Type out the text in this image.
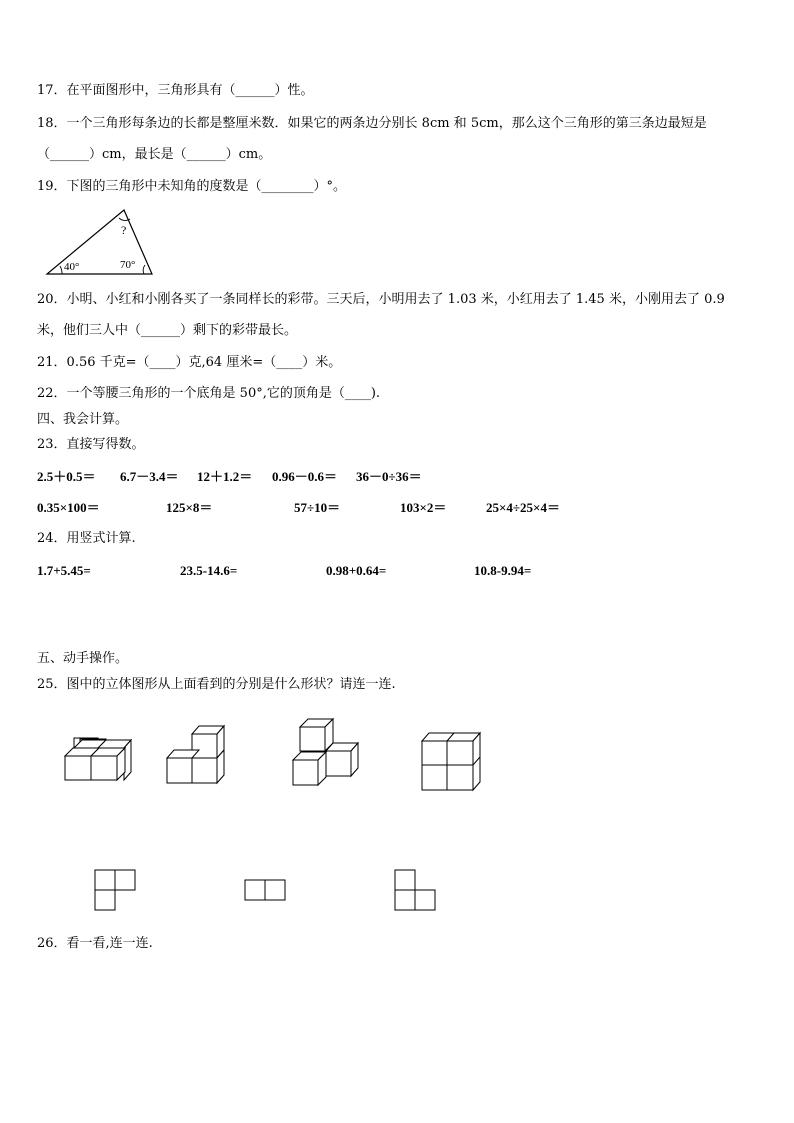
17．在平面图形中，三角形具有（______）性。
18．一个三角形每条边的长都是整厘米数．如果它的两条边分别长 8cm 和 5cm，那么这个三角形的第三条边最短是
（______）cm，最长是（______）cm。
19．下图的三角形中未知角的度数是（________）°。
40°	70°
?
20．小明、小红和小刚各买了一条同样长的彩带。三天后，小明用去了 1.03 米，小红用去了 1.45 米，小刚用去了 0.9
米，他们三人中（______）剩下的彩带最长。
21．0.56 千克=（____）克,64 厘米=（____）米。
22．一个等腰三角形的一个底角是 50°,它的顶角是（____).
四、我会计算。
23．直接写得数。
2.5＋0.5＝ 6.7－3.4＝ 12＋1.2＝ 0.96－0.6＝ 36－0÷36＝
0.35×100＝	125×8＝	57÷10＝	103×2＝	25×4÷25×4＝
24．用竖式计算.
1.7+5.45=	23.5-14.6=	0.98+0.64=	10.8-9.94=
五、动手操作。
25．图中的立体图形从上面看到的分别是什么形状？请连一连.
26．看一看,连一连.
